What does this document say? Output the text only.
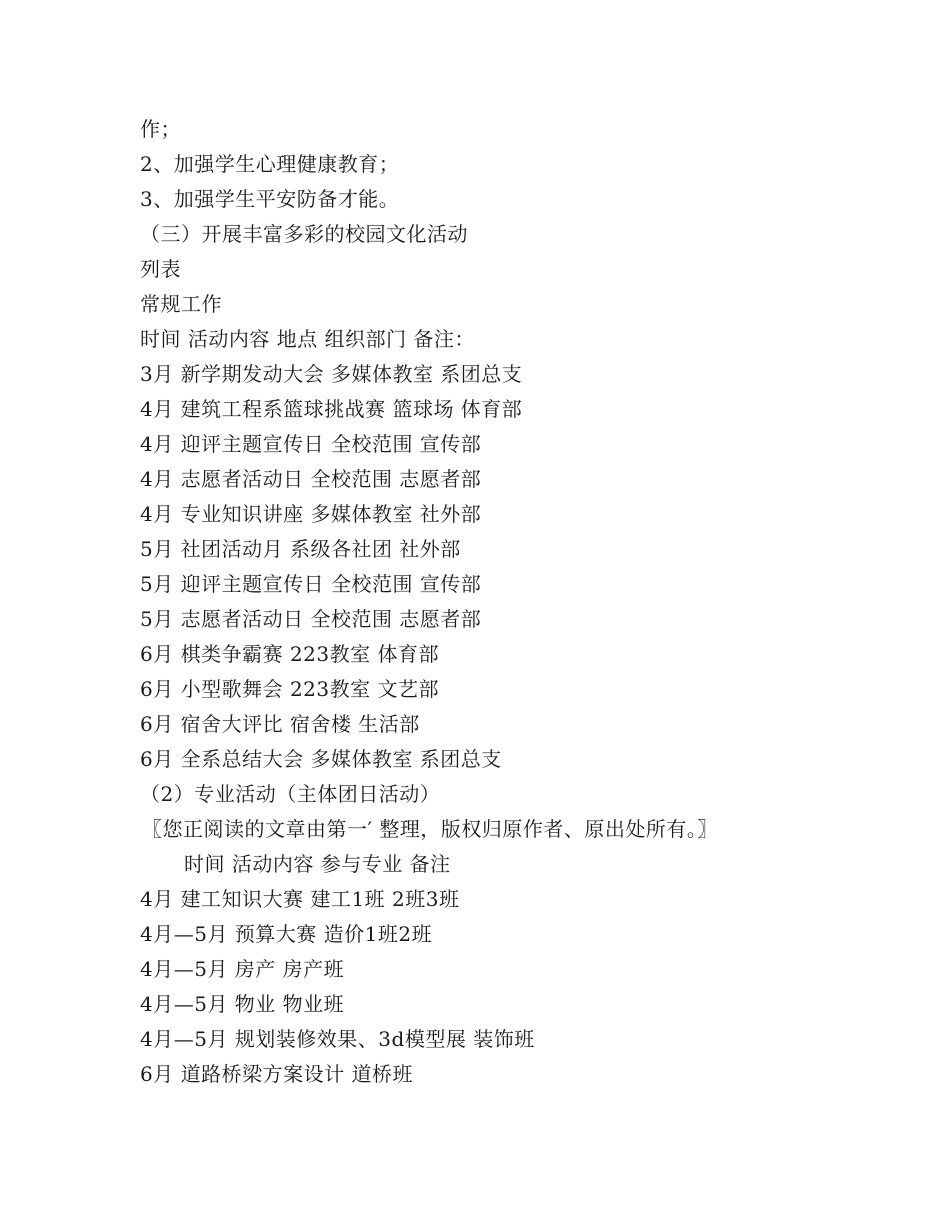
作；
2、加强学生心理健康教育；
3、加强学生平安防备才能。
（三）开展丰富多彩的校园文化活动
列表
常规工作
时间 活动内容 地点 组织部门 备注：
3月 新学期发动大会 多媒体教室 系团总支
4月 建筑工程系篮球挑战赛 篮球场 体育部
4月 迎评主题宣传日 全校范围 宣传部
4月 志愿者活动日 全校范围 志愿者部
4月 专业知识讲座 多媒体教室 社外部
5月 社团活动月 系级各社团 社外部
5月 迎评主题宣传日 全校范围 宣传部
5月 志愿者活动日 全校范围 志愿者部
6月 棋类争霸赛 223教室 体育部
6月 小型歌舞会 223教室 文艺部
6月 宿舍大评比 宿舍楼 生活部
6月 全系总结大会 多媒体教室 系团总支
（2）专业活动（主体团日活动）
〖您正阅读的文章由第一′ 整理，版权归原作者、原出处所有。〗
时间 活动内容 参与专业 备注
4月 建工知识大赛 建工1班 2班3班
4月—5月 预算大赛 造价1班2班
4月—5月 房产 房产班
4月—5月 物业 物业班
4月—5月 规划装修效果、3d模型展 装饰班
6月 道路桥梁方案设计 道桥班
